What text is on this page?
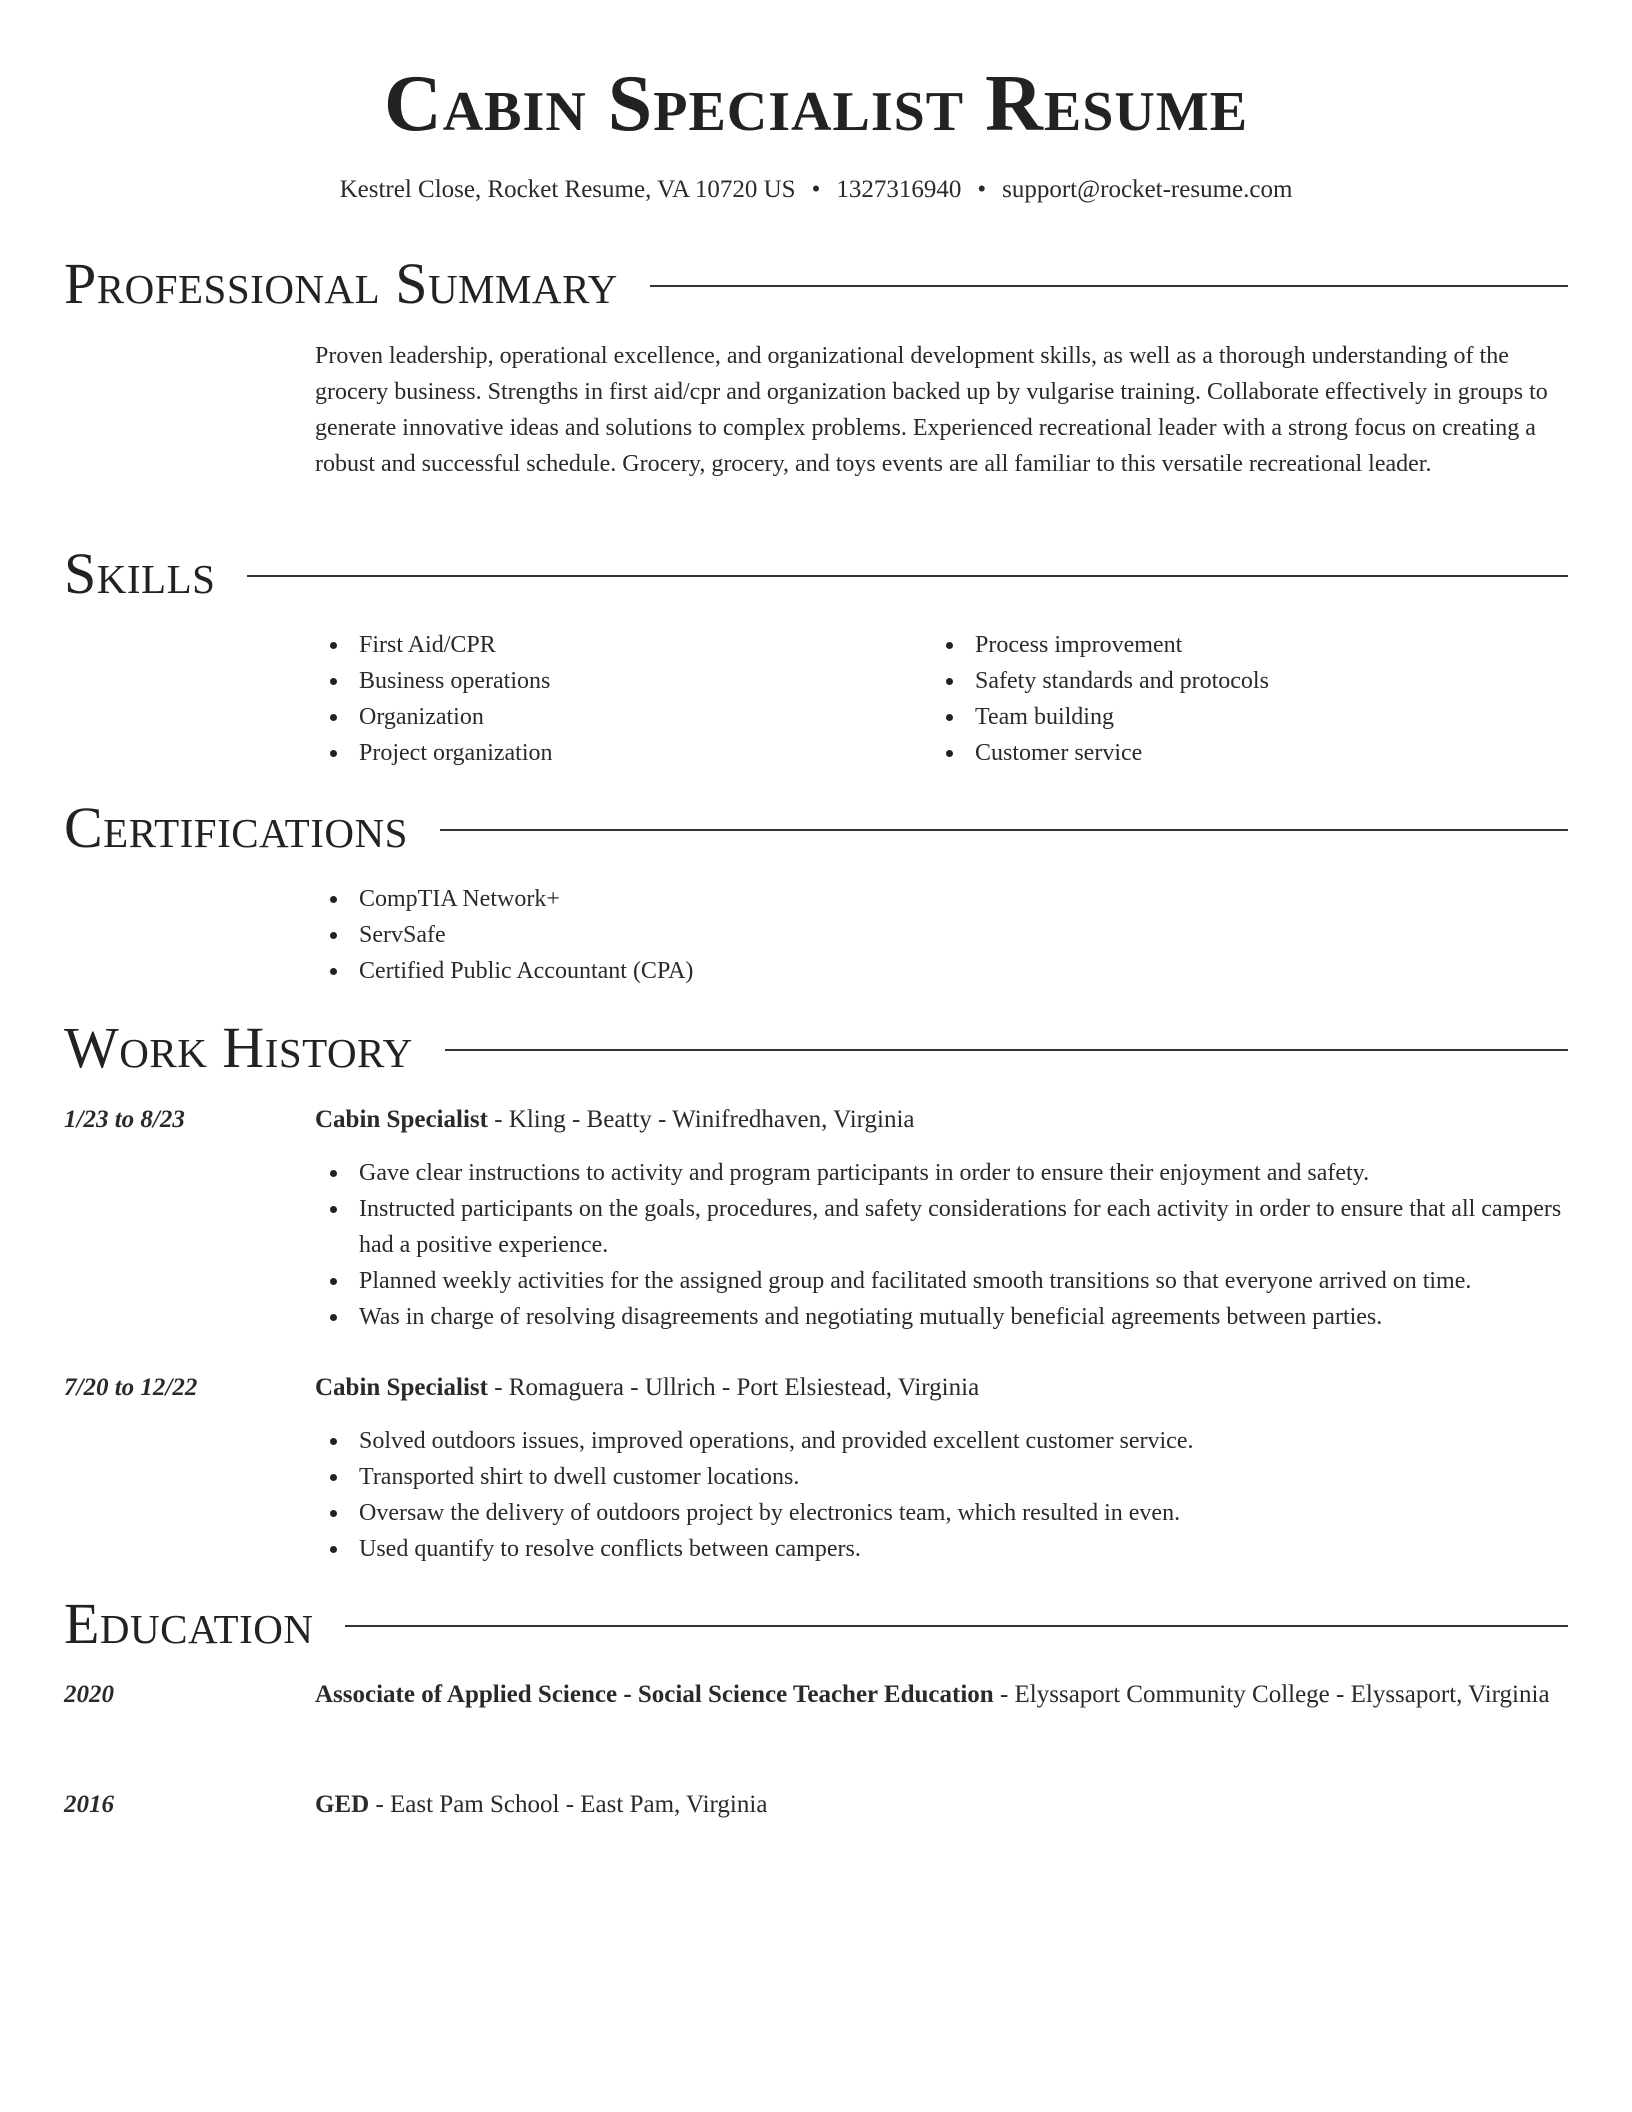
Cabin Specialist Resume
Kestrel Close, Rocket Resume, VA 10720 US • 1327316940 • support@rocket-resume.com
Professional Summary

Proven leadership, operational excellence, and organizational development skills, as well as a thorough understanding of the grocery business. Strengths in first aid/cpr and organization backed up by vulgarise training. Collaborate effectively in groups to generate innovative ideas and solutions to complex problems. Experienced recreational leader with a strong focus on creating a robust and successful schedule. Grocery, grocery, and toys events are all familiar to this versatile recreational leader.

Skills
First Aid/CPR
Business operations
Organization
Project organization
Process improvement
Safety standards and protocols
Team building
Customer service
Certifications
CompTIA Network+
ServSafe
Certified Public Accountant (CPA)
Work History
1/23 to 8/23	Cabin Specialist - Kling - Beatty - Winifredhaven, Virginia
Gave clear instructions to activity and program participants in order to ensure their enjoyment and safety.
Instructed participants on the goals, procedures, and safety considerations for each activity in order to ensure that all campers had a positive experience.
Planned weekly activities for the assigned group and facilitated smooth transitions so that everyone arrived on time.
Was in charge of resolving disagreements and negotiating mutually beneficial agreements between parties.
7/20 to 12/22	Cabin Specialist - Romaguera - Ullrich - Port Elsiestead, Virginia
Solved outdoors issues, improved operations, and provided excellent customer service.
Transported shirt to dwell customer locations.
Oversaw the delivery of outdoors project by electronics team, which resulted in even.
Used quantify to resolve conflicts between campers.
Education
2020	Associate of Applied Science - Social Science Teacher Education - Elyssaport Community College - Elyssaport, Virginia
2016	GED - East Pam School - East Pam, Virginia
